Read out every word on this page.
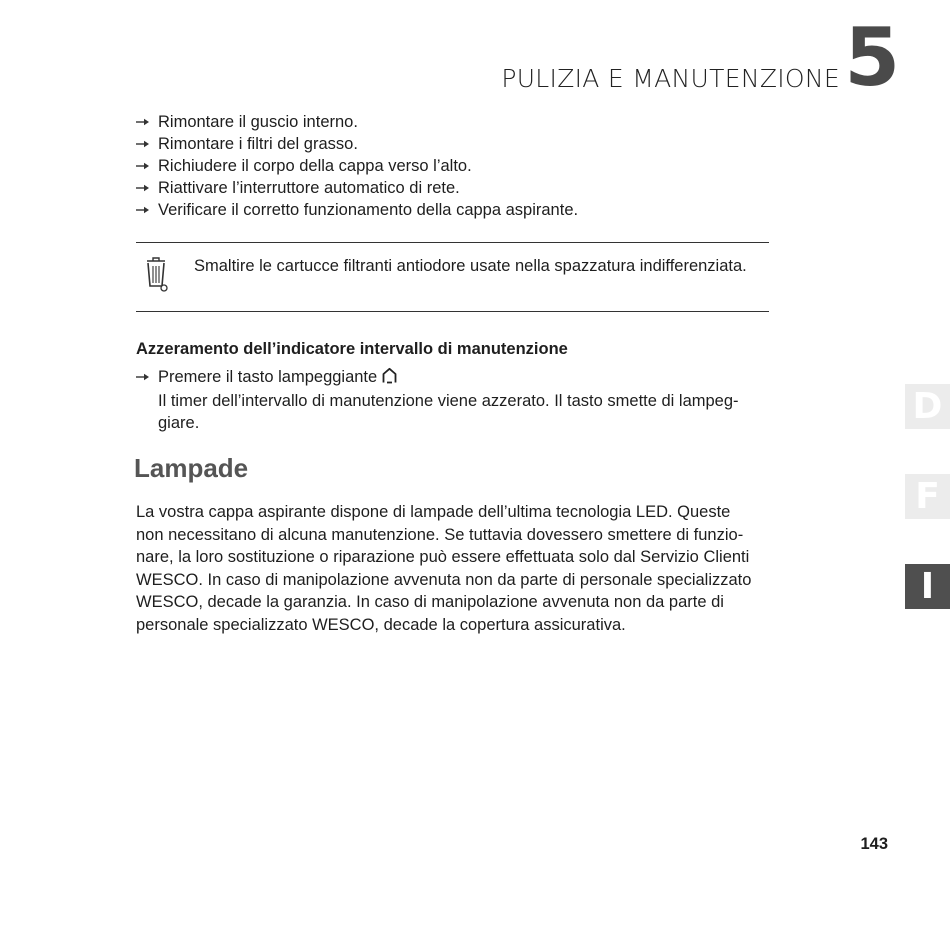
PULIZIA E MANUTENZIONE 5
Rimontare il guscio interno.
Rimontare i filtri del grasso.
Richiudere il corpo della cappa verso l’alto.
Riattivare l’interruttore automatico di rete.
Verificare il corretto funzionamento della cappa aspirante.
Smaltire le cartucce filtranti antiodore usate nella spazzatura indifferenziata.
Azzeramento dell’indicatore intervallo di manutenzione
Premere il tasto lampeggiante
Il timer dell’intervallo di manutenzione viene azzerato. Il tasto smette di lampeg-
giare.
Lampade

La vostra cappa aspirante dispone di lampade dell’ultima tecnologia LED. Queste
non necessitano di alcuna manutenzione. Se tuttavia dovessero smettere di funzio-
nare, la loro sostituzione o riparazione può essere effettuata solo dal Servizio Clienti
WESCO. In caso di manipolazione avvenuta non da parte di personale specializzato
WESCO, decade la garanzia. In caso di manipolazione avvenuta non da parte di
personale specializzato WESCO, decade la copertura assicurativa.

D
F
I
143
